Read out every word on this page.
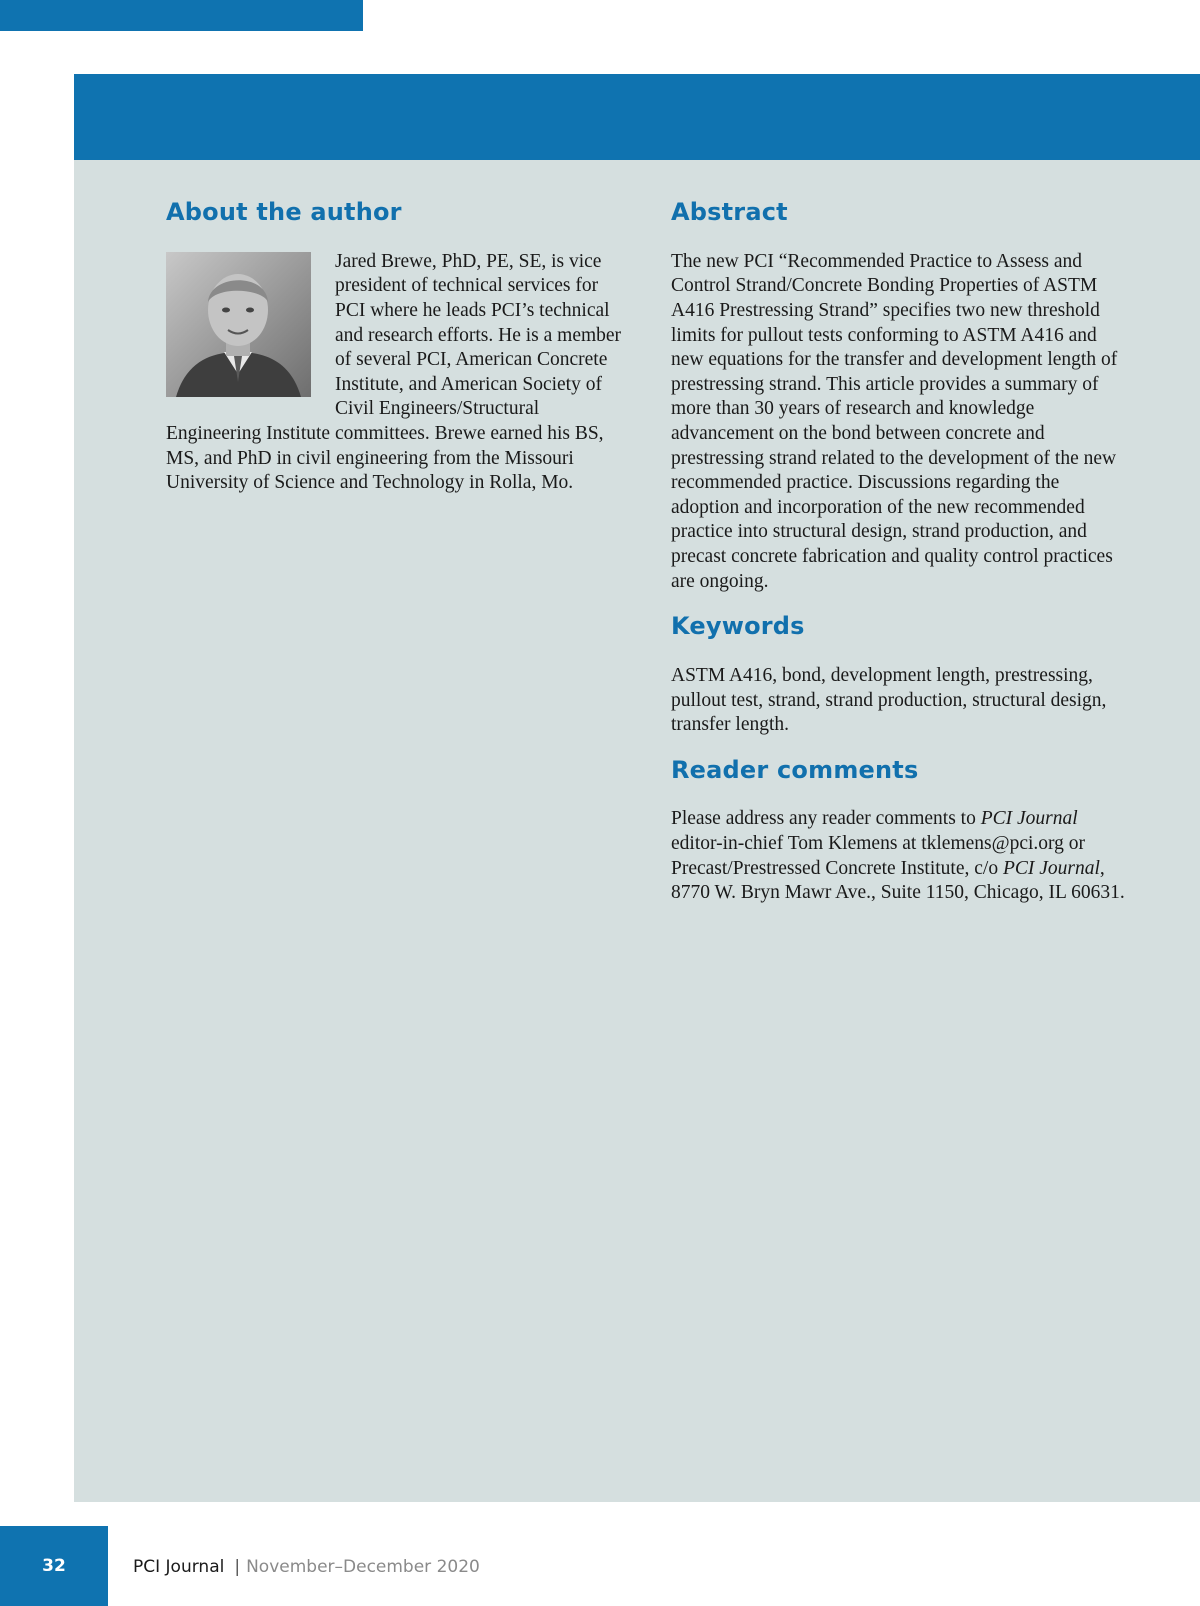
About the author

Jared Brewe, PhD, PE, SE, is vice president of technical services for PCI where he leads PCI’s technical and research efforts. He is a member of several PCI, American Concrete Institute, and American Society of Civil Engineers/Structural Engineering Institute committees. Brewe earned his BS, MS, and PhD in civil engineering from the Missouri University of Science and Technology in Rolla, Mo.

Abstract

The new PCI “Recommended Practice to Assess and Control Strand/Concrete Bonding Properties of ASTM A416 Prestressing Strand” specifies two new threshold limits for pullout tests conforming to ASTM A416 and new equations for the transfer and development length of prestressing strand. This article provides a summary of more than 30 years of research and knowledge advancement on the bond between concrete and prestressing strand related to the development of the new recommended practice. Discussions regarding the adoption and incorporation of the new recommended practice into structural design, strand production, and precast concrete fabrication and quality control practices are ongoing.

Keywords

ASTM A416, bond, development length, prestressing, pullout test, strand, strand production, structural design, transfer length.

Reader comments

Please address any reader comments to PCI Journal editor-in-chief Tom Klemens at tklemens@pci.org or Precast/Prestressed Concrete Institute, c/o PCI Journal, 8770 W. Bryn Mawr Ave., Suite 1150, Chicago, IL 60631.

32	PCI Journal | November–December 2020
